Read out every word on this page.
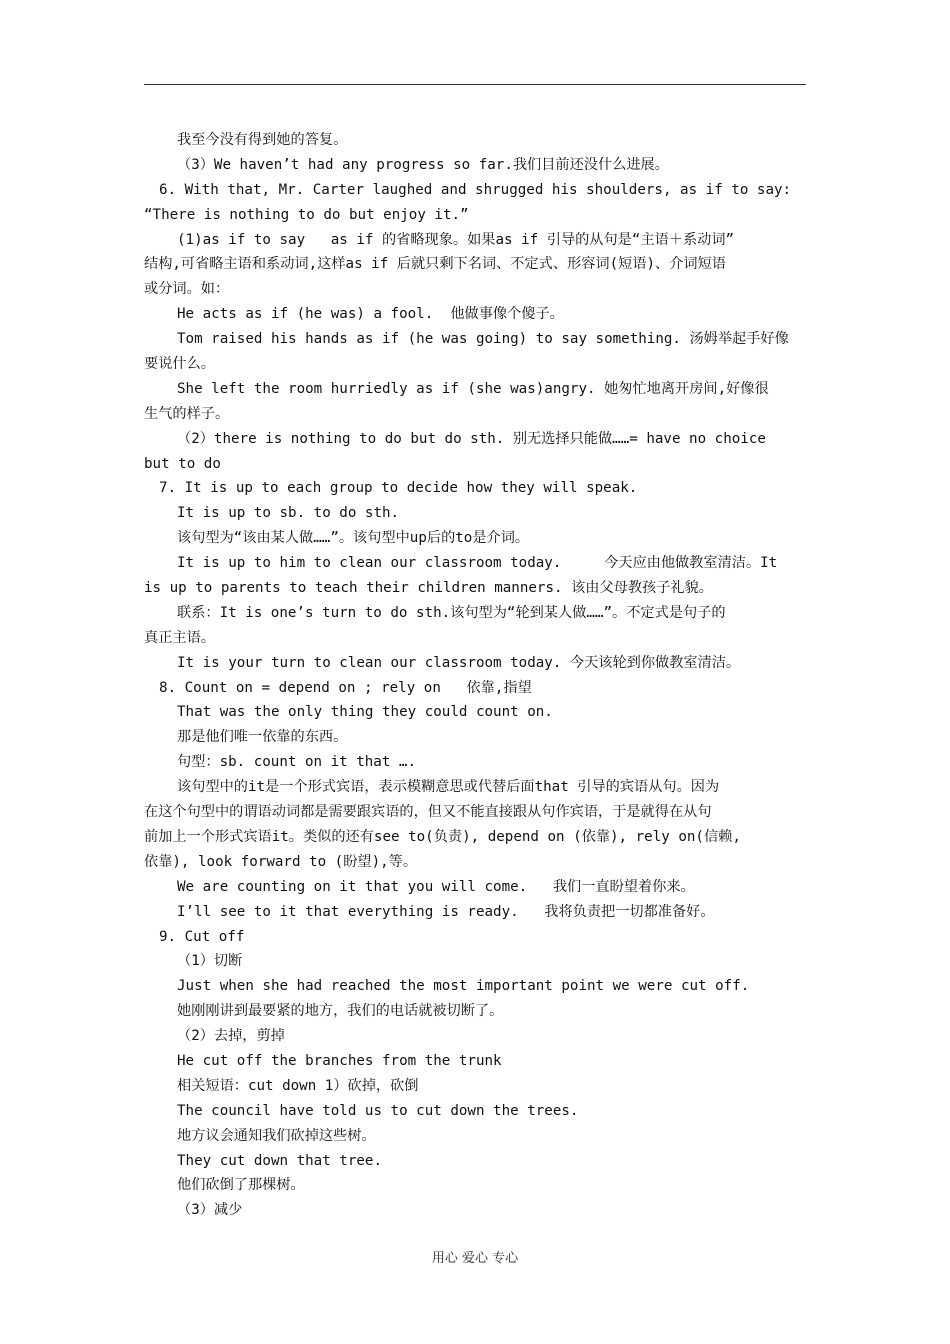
我至今没有得到她的答复。
（3）We haven’t had any progress so far.我们目前还没什么进展。
6. With that, Mr. Carter laughed and shrugged his shoulders, as if to say:
“There is nothing to do but enjoy it.”
(1)as if to say   as if 的省略现象。如果as if 引导的从句是“主语＋系动词”
结构,可省略主语和系动词,这样as if 后就只剩下名词、不定式、形容词(短语)、介词短语
或分词。如：
He acts as if (he was) a fool.  他做事像个傻子。
Tom raised his hands as if (he was going) to say something. 汤姆举起手好像
要说什么。
She left the room hurriedly as if (she was)angry. 她匆忙地离开房间,好像很
生气的样子。
（2）there is nothing to do but do sth. 别无选择只能做……= have no choice
but to do
7. It is up to each group to decide how they will speak.
It is up to sb. to do sth.
该句型为“该由某人做……”。该句型中up后的to是介词。
It is up to him to clean our classroom today.     今天应由他做教室清洁。It
is up to parents to teach their children manners. 该由父母教孩子礼貌。
联系：It is one’s turn to do sth.该句型为“轮到某人做……”。不定式是句子的
真正主语。
It is your turn to clean our classroom today. 今天该轮到你做教室清洁。
8. Count on = depend on ; rely on   依靠,指望
That was the only thing they could count on.
那是他们唯一依靠的东西。
句型：sb. count on it that ….
该句型中的it是一个形式宾语，表示模糊意思或代替后面that 引导的宾语从句。因为
在这个句型中的谓语动词都是需要跟宾语的，但又不能直接跟从句作宾语，于是就得在从句
前加上一个形式宾语it。类似的还有see to(负责), depend on (依靠), rely on(信赖,
依靠), look forward to (盼望),等。
We are counting on it that you will come.   我们一直盼望着你来。
I’ll see to it that everything is ready.   我将负责把一切都准备好。
9. Cut off
（1）切断
Just when she had reached the most important point we were cut off.
她刚刚讲到最要紧的地方，我们的电话就被切断了。
（2）去掉，剪掉
He cut off the branches from the trunk
相关短语：cut down 1）砍掉，砍倒
The council have told us to cut down the trees.
地方议会通知我们砍掉这些树。
They cut down that tree.
他们砍倒了那棵树。
（3）减少
用心 爱心 专心
